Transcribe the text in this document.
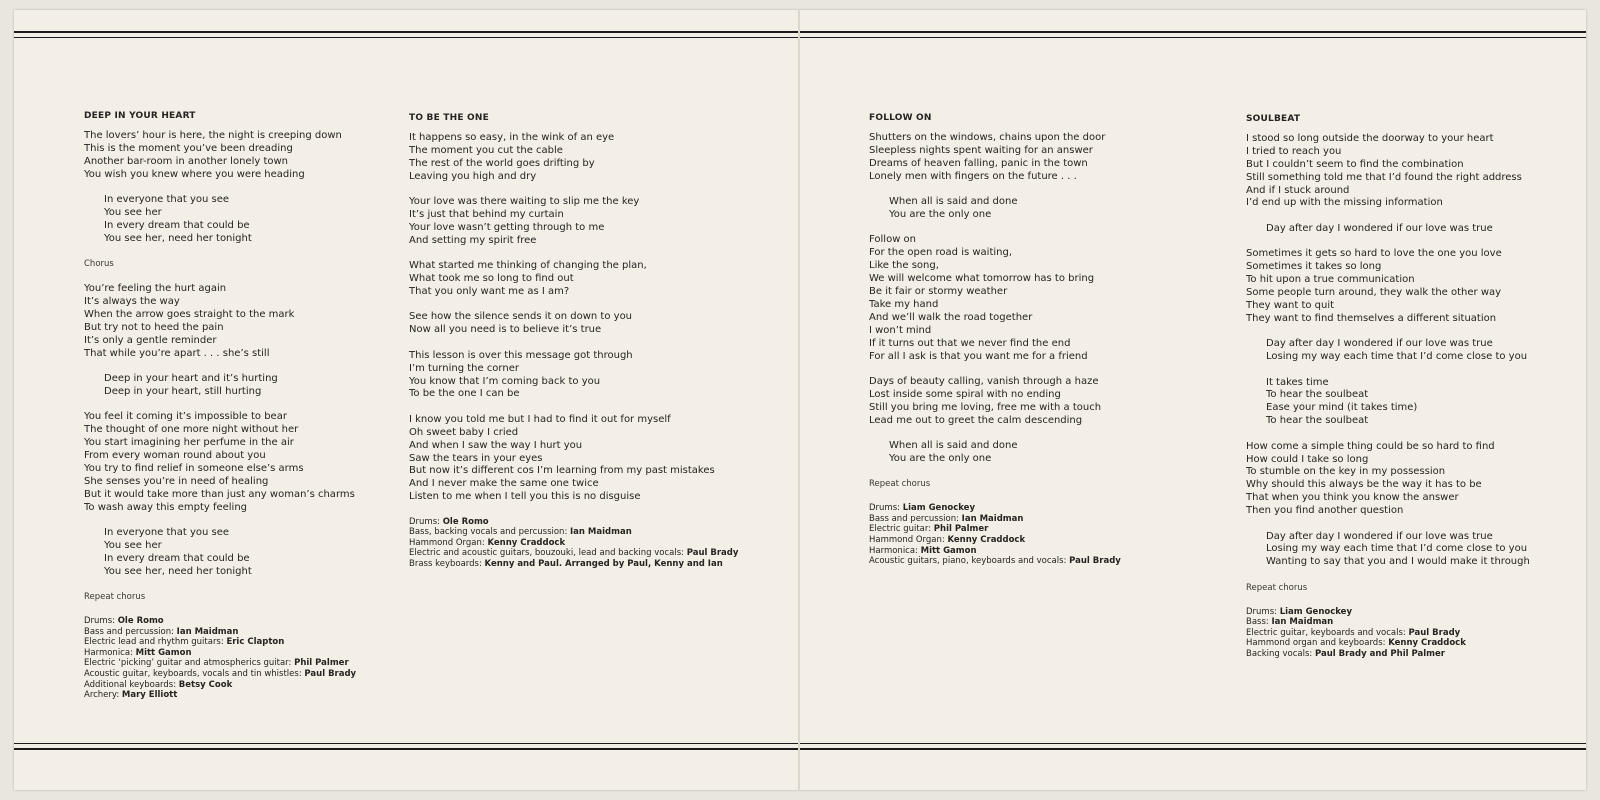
DEEP IN YOUR HEART
The lovers’ hour is here, the night is creeping down
This is the moment you’ve been dreading
Another bar-room in another lonely town
You wish you knew where you were heading
In everyone that you see
You see her
In every dream that could be
You see her, need her tonight
Chorus
You’re feeling the hurt again
It’s always the way
When the arrow goes straight to the mark
But try not to heed the pain
It’s only a gentle reminder
That while you’re apart . . . she’s still
Deep in your heart and it’s hurting
Deep in your heart, still hurting
You feel it coming it’s impossible to bear
The thought of one more night without her
You start imagining her perfume in the air
From every woman round about you
You try to find relief in someone else’s arms
She senses you’re in need of healing
But it would take more than just any woman’s charms
To wash away this empty feeling
In everyone that you see
You see her
In every dream that could be
You see her, need her tonight
Repeat chorus
Drums: Ole Romo
Bass and percussion: Ian Maidman
Electric lead and rhythm guitars: Eric Clapton
Harmonica: Mitt Gamon
Electric ‘picking’ guitar and atmospherics guitar: Phil Palmer
Acoustic guitar, keyboards, vocals and tin whistles: Paul Brady
Additional keyboards: Betsy Cook
Archery: Mary Elliott
TO BE THE ONE
It happens so easy, in the wink of an eye
The moment you cut the cable
The rest of the world goes drifting by
Leaving you high and dry
Your love was there waiting to slip me the key
It’s just that behind my curtain
Your love wasn’t getting through to me
And setting my spirit free
What started me thinking of changing the plan,
What took me so long to find out
That you only want me as I am?
See how the silence sends it on down to you
Now all you need is to believe it’s true
This lesson is over this message got through
I’m turning the corner
You know that I’m coming back to you
To be the one I can be
I know you told me but I had to find it out for myself
Oh sweet baby I cried
And when I saw the way I hurt you
Saw the tears in your eyes
But now it’s different cos I’m learning from my past mistakes
And I never make the same one twice
Listen to me when I tell you this is no disguise
Drums: Ole Romo
Bass, backing vocals and percussion: Ian Maidman
Hammond Organ: Kenny Craddock
Electric and acoustic guitars, bouzouki, lead and backing vocals: Paul Brady
Brass keyboards: Kenny and Paul. Arranged by Paul, Kenny and Ian
FOLLOW ON
Shutters on the windows, chains upon the door
Sleepless nights spent waiting for an answer
Dreams of heaven falling, panic in the town
Lonely men with fingers on the future . . .
When all is said and done
You are the only one
Follow on
For the open road is waiting,
Like the song,
We will welcome what tomorrow has to bring
Be it fair or stormy weather
Take my hand
And we’ll walk the road together
I won’t mind
If it turns out that we never find the end
For all I ask is that you want me for a friend
Days of beauty calling, vanish through a haze
Lost inside some spiral with no ending
Still you bring me loving, free me with a touch
Lead me out to greet the calm descending
When all is said and done
You are the only one
Repeat chorus
Drums: Liam Genockey
Bass and percussion: Ian Maidman
Electric guitar: Phil Palmer
Hammond Organ: Kenny Craddock
Harmonica: Mitt Gamon
Acoustic guitars, piano, keyboards and vocals: Paul Brady
SOULBEAT
I stood so long outside the doorway to your heart
I tried to reach you
But I couldn’t seem to find the combination
Still something told me that I’d found the right address
And if I stuck around
I’d end up with the missing information
Day after day I wondered if our love was true
Sometimes it gets so hard to love the one you love
Sometimes it takes so long
To hit upon a true communication
Some people turn around, they walk the other way
They want to quit
They want to find themselves a different situation
Day after day I wondered if our love was true
Losing my way each time that I’d come close to you
It takes time
To hear the soulbeat
Ease your mind (it takes time)
To hear the soulbeat
How come a simple thing could be so hard to find
How could I take so long
To stumble on the key in my possession
Why should this always be the way it has to be
That when you think you know the answer
Then you find another question
Day after day I wondered if our love was true
Losing my way each time that I’d come close to you
Wanting to say that you and I would make it through
Repeat chorus
Drums: Liam Genockey
Bass: Ian Maidman
Electric guitar, keyboards and vocals: Paul Brady
Hammond organ and keyboards: Kenny Craddock
Backing vocals: Paul Brady and Phil Palmer
